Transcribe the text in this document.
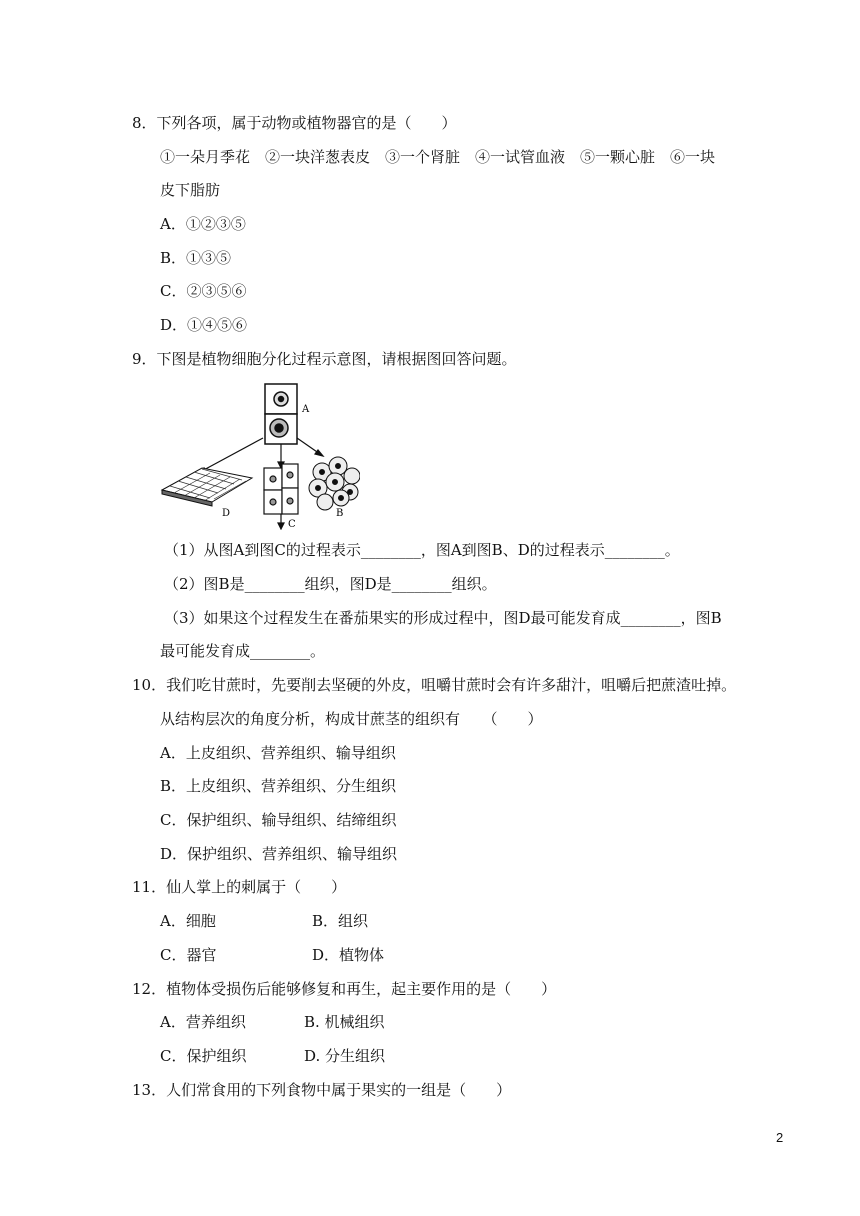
8．下列各项，属于动物或植物器官的是（　　）
①一朵月季花　②一块洋葱表皮　③一个肾脏　④一试管血液　⑤一颗心脏　⑥一块
皮下脂肪
A．①②③⑤
B．①③⑤
C．②③⑤⑥
D．①④⑤⑥
9．下图是植物细胞分化过程示意图，请根据图回答问题。
A
D
C
B
（1）从图A到图C的过程表示________，图A到图B、D的过程表示________。
（2）图B是________组织，图D是________组织。
（3）如果这个过程发生在番茄果实的形成过程中，图D最可能发育成________，图B
最可能发育成________。
10．我们吃甘蔗时，先要削去坚硬的外皮，咀嚼甘蔗时会有许多甜汁，咀嚼后把蔗渣吐掉。
从结构层次的角度分析，构成甘蔗茎的组织有　　（　　）
A．上皮组织、营养组织、输导组织
B．上皮组织、营养组织、分生组织
C．保护组织、输导组织、结缔组织
D．保护组织、营养组织、输导组织
11．仙人掌上的刺属于（　　）
A．细胞	B．组织
C．器官	D．植物体
12．植物体受损伤后能够修复和再生，起主要作用的是（　　）
A．营养组织	B. 机械组织
C．保护组织	D. 分生组织
13．人们常食用的下列食物中属于果实的一组是（　　）
2
